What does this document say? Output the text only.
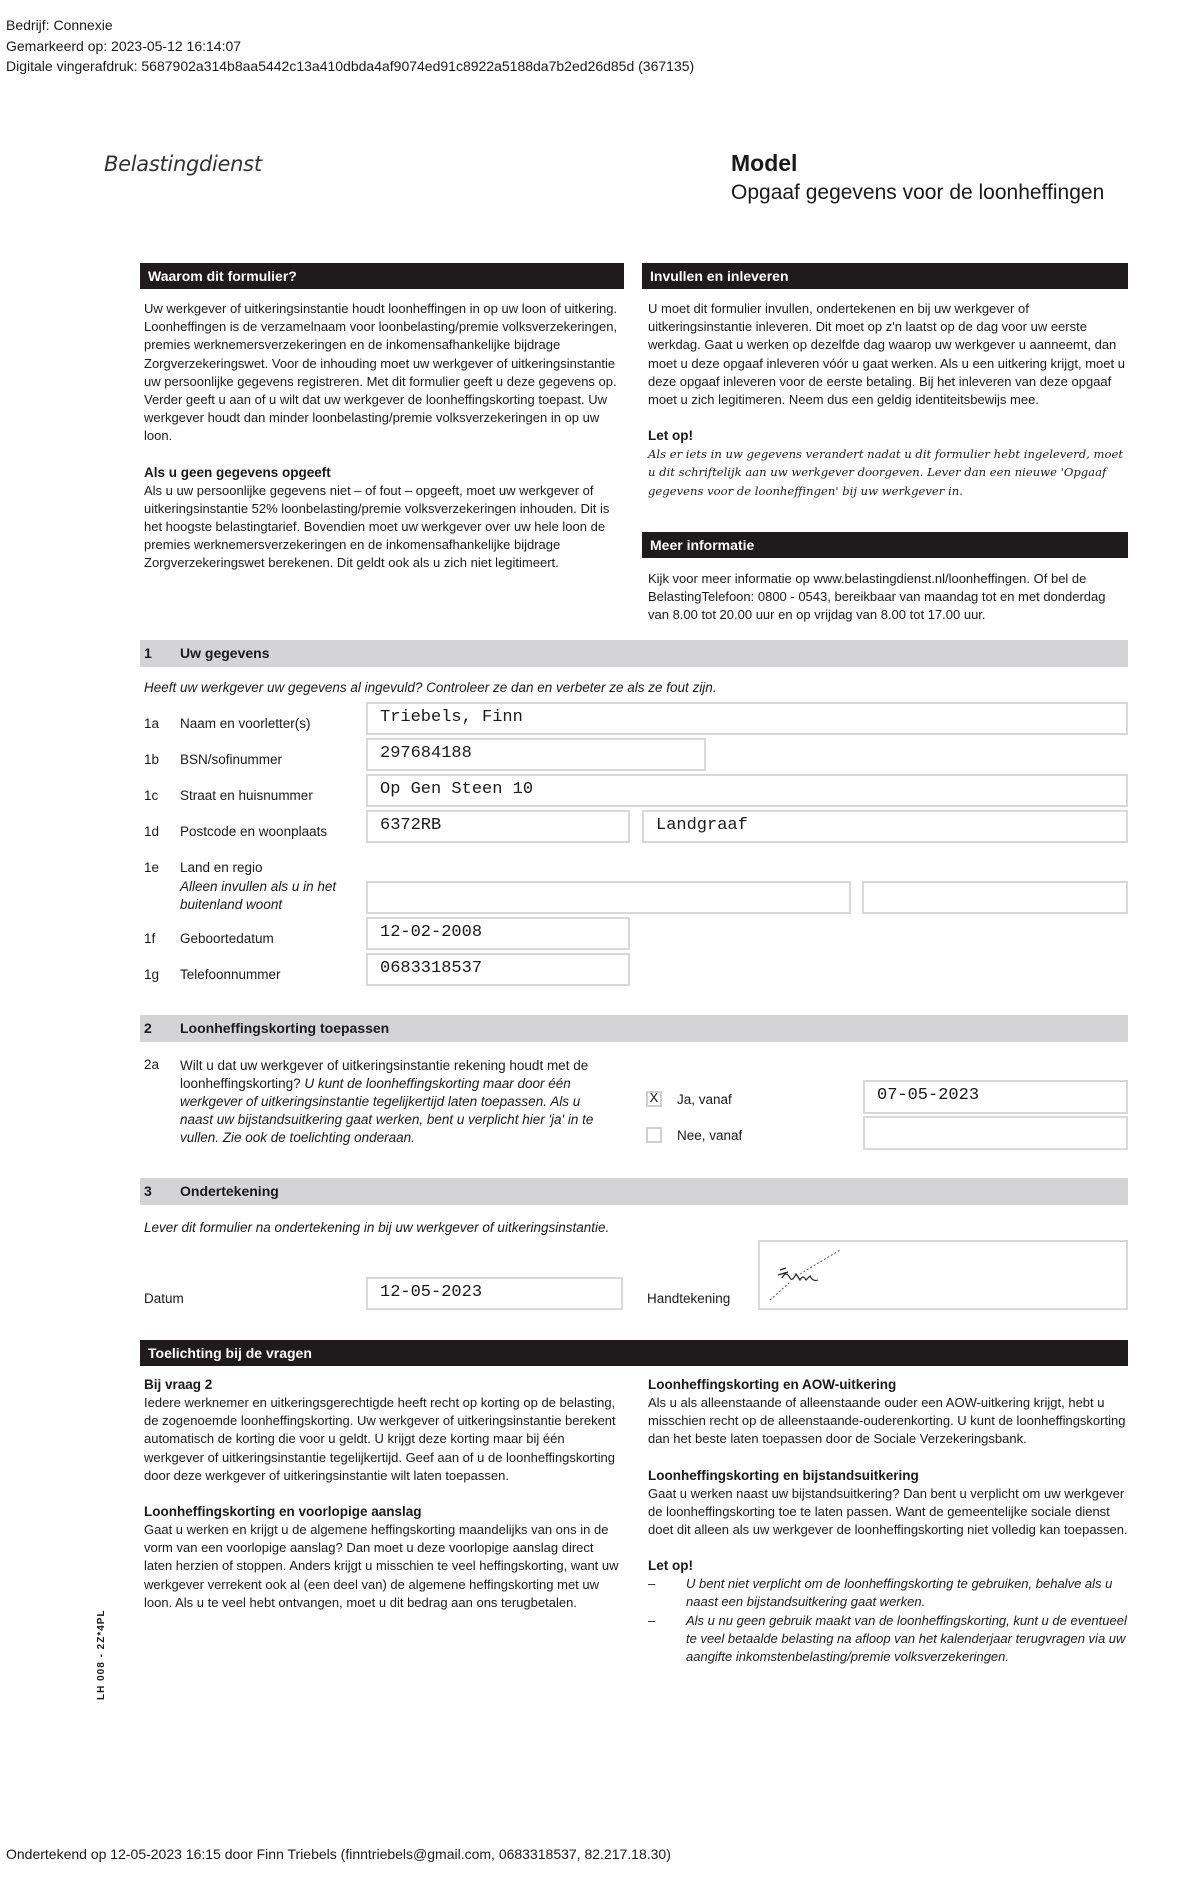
Bedrijf: Connexie
Gemarkeerd op: 2023-05-12 16:14:07
Digitale vingerafdruk: 5687902a314b8aa5442c13a410dbda4af9074ed91c8922a5188da7b2ed26d85d (367135)
Belastingdienst	Model
Opgaaf gegevens voor de loonheffingen
Waarom dit formulier?

Uw werkgever of uitkeringsinstantie houdt loonheffingen in op uw loon of uitkering. Loonheffingen is de verzamelnaam voor loonbelasting/premie volksverzekeringen, premies werknemersverzekeringen en de inkomensafhankelijke bijdrage Zorgverzekeringswet. Voor de inhouding moet uw werkgever of uitkeringsinstantie uw persoonlijke gegevens registreren. Met dit formulier geeft u deze gegevens op. Verder geeft u aan of u wilt dat uw werkgever de loonheffingskorting toepast. Uw werkgever houdt dan minder loonbelasting/premie volksverzekeringen in op uw loon.

Als u geen gegevens opgeeft

Als u uw persoonlijke gegevens niet – of fout – opgeeft, moet uw werkgever of uitkeringsinstantie 52% loonbelasting/premie volksverzekeringen inhouden. Dit is het hoogste belastingtarief. Bovendien moet uw werkgever over uw hele loon de premies werknemersverzekeringen en de inkomensafhankelijke bijdrage Zorgverzekeringswet berekenen. Dit geldt ook als u zich niet legitimeert.

Invullen en inleveren

U moet dit formulier invullen, ondertekenen en bij uw werkgever of uitkeringsinstantie inleveren. Dit moet op z'n laatst op de dag voor uw eerste werkdag. Gaat u werken op dezelfde dag waarop uw werkgever u aanneemt, dan moet u deze opgaaf inleveren vóór u gaat werken. Als u een uitkering krijgt, moet u deze opgaaf inleveren voor de eerste betaling. Bij het inleveren van deze opgaaf moet u zich legitimeren. Neem dus een geldig identiteitsbewijs mee.

Let op!

Als er iets in uw gegevens verandert nadat u dit formulier hebt ingeleverd, moet u dit schriftelijk aan uw werkgever doorgeven. Lever dan een nieuwe 'Opgaaf gegevens voor de loonheffingen' bij uw werkgever in.

Meer informatie

Kijk voor meer informatie op www.belastingdienst.nl/loonheffingen. Of bel de BelastingTelefoon: 0800 - 0543, bereikbaar van maandag tot en met donderdag van 8.00 tot 20.00 uur en op vrijdag van 8.00 tot 17.00 uur.

1 Uw gegevens
Heeft uw werkgever uw gegevens al ingevuld? Controleer ze dan en verbeter ze als ze fout zijn.
1a Naam en voorletter(s)	Triebels, Finn
1b BSN/sofinummer	297684188
1c Straat en huisnummer	Op Gen Steen 10
1d Postcode en woonplaats	6372RB	Landgraaf
1e Land en regio
Alleen invullen als u in het buitenland woont
1f Geboortedatum	12-02-2008
1g Telefoonnummer	0683318537
2 Loonheffingskorting toepassen
2a Wilt u dat uw werkgever of uitkeringsinstantie rekening houdt met de loonheffingskorting? U kunt de loonheffingskorting maar door één werkgever of uitkeringsinstantie tegelijkertijd laten toepassen. Als u naast uw bijstandsuitkering gaat werken, bent u verplicht hier 'ja' in te vullen. Zie ook de toelichting onderaan.
X Ja, vanaf	07-05-2023
Nee, vanaf
3 Ondertekening
Lever dit formulier na ondertekening in bij uw werkgever of uitkeringsinstantie.
Datum	12-05-2023	Handtekening
Toelichting bij de vragen
Bij vraag 2

Iedere werknemer en uitkeringsgerechtigde heeft recht op korting op de belasting, de zogenoemde loonheffingskorting. Uw werkgever of uitkeringsinstantie berekent automatisch de korting die voor u geldt. U krijgt deze korting maar bij één werkgever of uitkeringsinstantie tegelijkertijd. Geef aan of u de loonheffingskorting door deze werkgever of uitkeringsinstantie wilt laten toepassen.

Loonheffingskorting en voorlopige aanslag

Gaat u werken en krijgt u de algemene heffingskorting maandelijks van ons in de vorm van een voorlopige aanslag? Dan moet u deze voorlopige aanslag direct laten herzien of stoppen. Anders krijgt u misschien te veel heffingskorting, want uw werkgever verrekent ook al (een deel van) de algemene heffingskorting met uw loon. Als u te veel hebt ontvangen, moet u dit bedrag aan ons terugbetalen.

Loonheffingskorting en AOW-uitkering

Als u als alleenstaande of alleenstaande ouder een AOW-uitkering krijgt, hebt u misschien recht op de alleenstaande-ouderenkorting. U kunt de loonheffingskorting dan het beste laten toepassen door de Sociale Verzekeringsbank.

Loonheffingskorting en bijstandsuitkering

Gaat u werken naast uw bijstandsuitkering? Dan bent u verplicht om uw werkgever de loonheffingskorting toe te laten passen. Want de gemeentelijke sociale dienst doet dit alleen als uw werkgever de loonheffingskorting niet volledig kan toepassen.

Let op!
– U bent niet verplicht om de loonheffingskorting te gebruiken, behalve als u naast een bijstandsuitkering gaat werken.
– Als u nu geen gebruik maakt van de loonheffingskorting, kunt u de eventueel te veel betaalde belasting na afloop van het kalenderjaar terugvragen via uw aangifte inkomstenbelasting/premie volksverzekeringen.
LH 008 - 2Z*4PL
Ondertekend op 12-05-2023 16:15 door Finn Triebels (finntriebels@gmail.com, 0683318537, 82.217.18.30)
